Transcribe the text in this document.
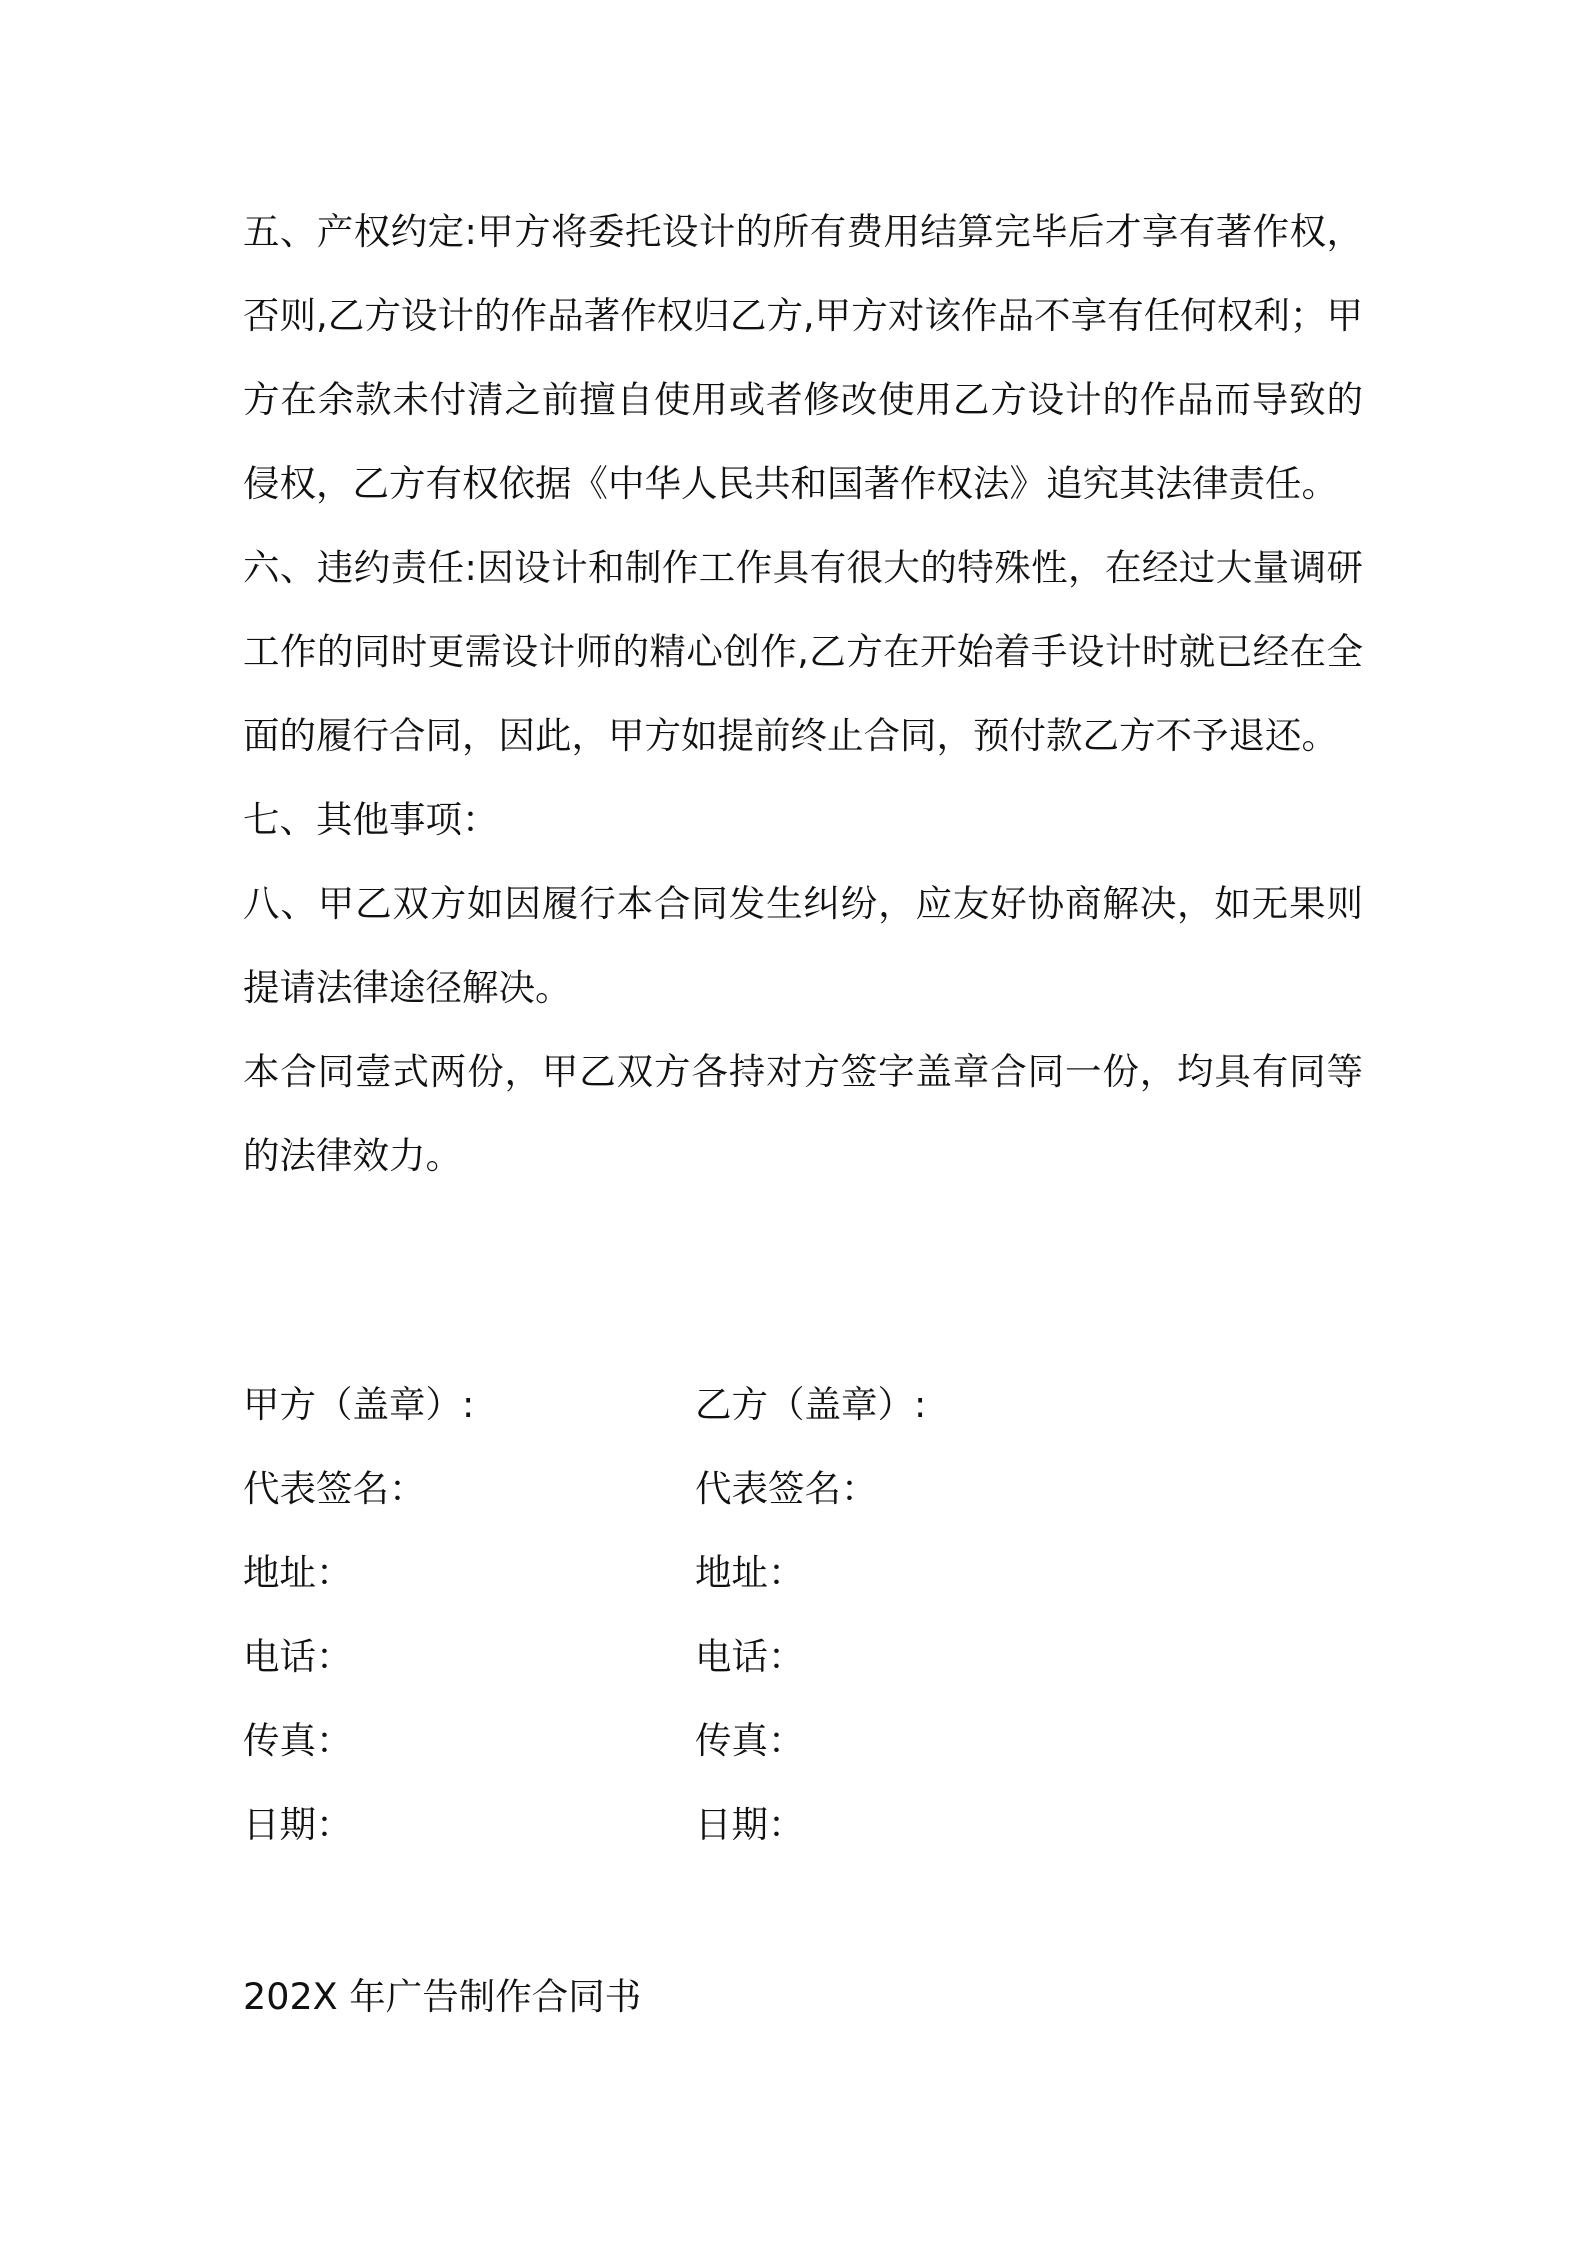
五、产权约定:甲方将委托设计的所有费用结算完毕后才享有著作权，否则,乙方设计的作品著作权归乙方,甲方对该作品不享有任何权利；甲方在余款未付清之前擅自使用或者修改使用乙方设计的作品而导致的侵权，乙方有权依据《中华人民共和国著作权法》追究其法律责任。

六、违约责任:因设计和制作工作具有很大的特殊性，在经过大量调研工作的同时更需设计师的精心创作,乙方在开始着手设计时就已经在全面的履行合同，因此，甲方如提前终止合同，预付款乙方不予退还。

七、其他事项：

八、甲乙双方如因履行本合同发生纠纷，应友好协商解决，如无果则提请法律途径解决。

本合同壹式两份，甲乙双方各持对方签字盖章合同一份，均具有同等的法律效力。

甲方（盖章）:	乙方（盖章）:
代表签名：	代表签名：
地址：	地址：
电话：	电话：
传真：	传真：
日期：	日期：
202X 年广告制作合同书
